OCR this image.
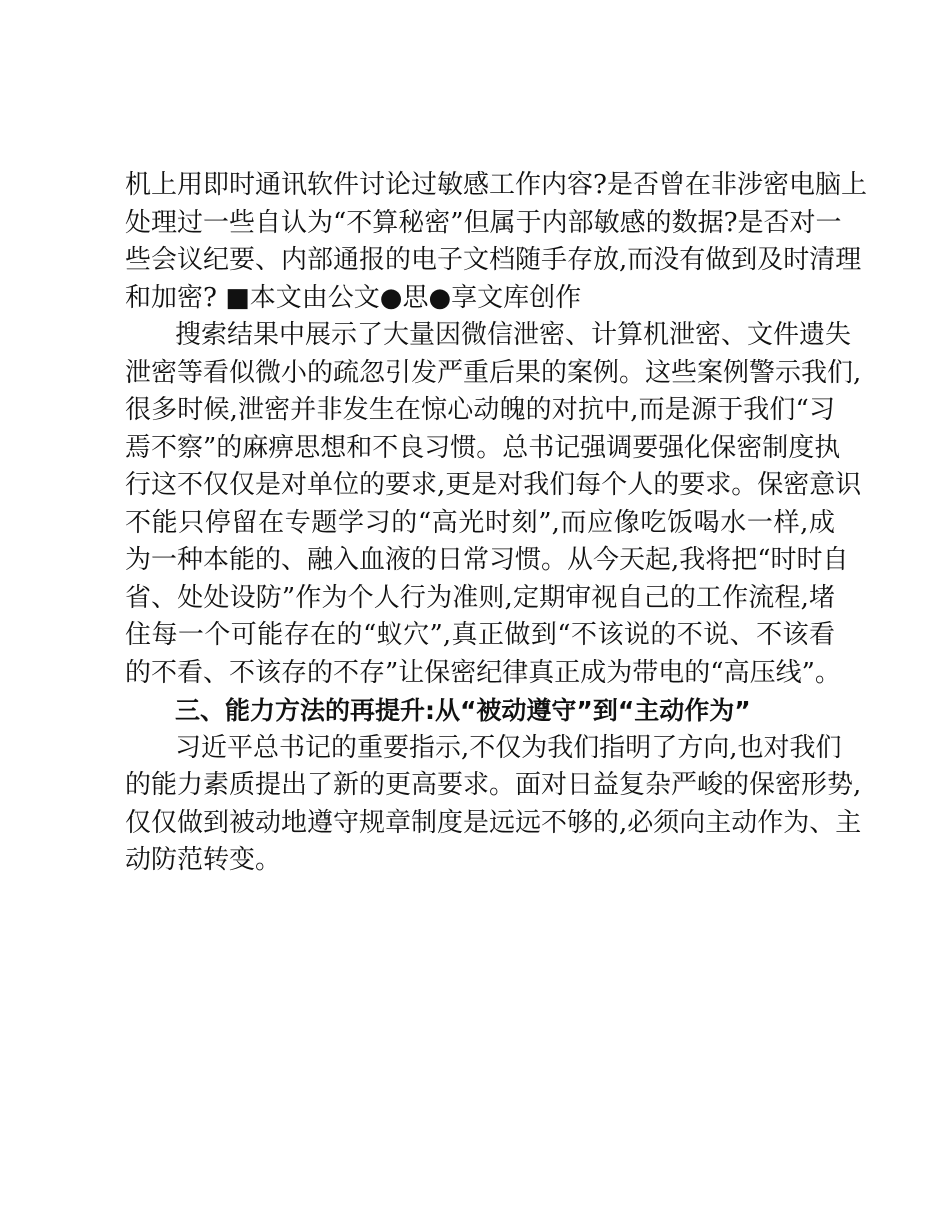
机上用即时通讯软件讨论过敏感工作内容?是否曾在非涉密电脑上
处理过一些自认为“不算秘密”但属于内部敏感的数据?是否对一
些会议纪要、内部通报的电子文档随手存放,而没有做到及时清理
和加密? ■本文由公文●思●享文库创作
搜索结果中展示了大量因微信泄密、计算机泄密、文件遗失
泄密等看似微小的疏忽引发严重后果的案例。这些案例警示我们,
很多时候,泄密并非发生在惊心动魄的对抗中,而是源于我们“习
焉不察”的麻痹思想和不良习惯。总书记强调要强化保密制度执
行这不仅仅是对单位的要求,更是对我们每个人的要求。保密意识
不能只停留在专题学习的“高光时刻”,而应像吃饭喝水一样,成
为一种本能的、融入血液的日常习惯。从今天起,我将把“时时自
省、处处设防”作为个人行为准则,定期审视自己的工作流程,堵
住每一个可能存在的“蚁穴”,真正做到“不该说的不说、不该看
的不看、不该存的不存”让保密纪律真正成为带电的“高压线”。
三、能力方法的再提升:从“被动遵守”到“主动作为”
习近平总书记的重要指示,不仅为我们指明了方向,也对我们
的能力素质提出了新的更高要求。面对日益复杂严峻的保密形势,
仅仅做到被动地遵守规章制度是远远不够的,必须向主动作为、主
动防范转变。
